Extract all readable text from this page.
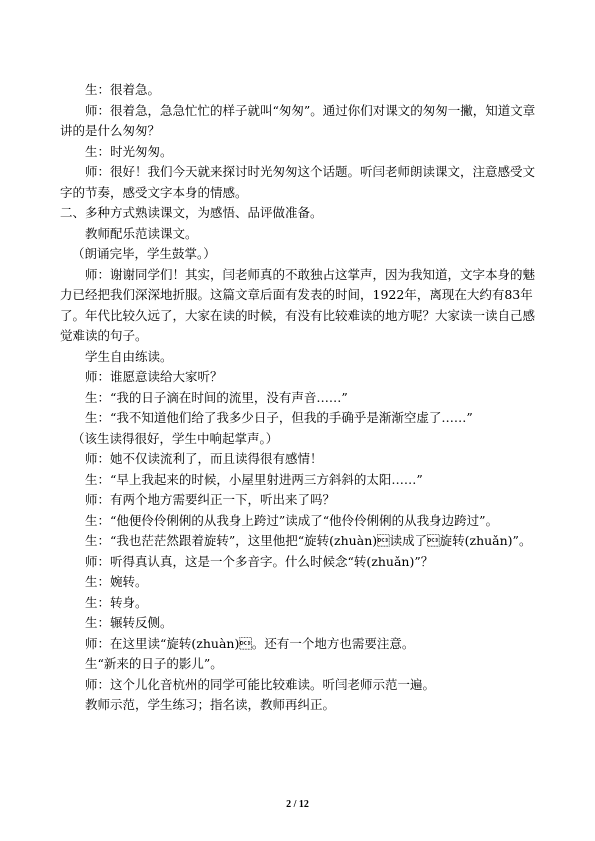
生：很着急。

师：很着急，急急忙忙的样子就叫“匆匆”。通过你们对课文的匆匆一撇，知道文章讲的是什么匆匆？

生：时光匆匆。

师：很好！我们今天就来探讨时光匆匆这个话题。听闫老师朗读课文，注意感受文字的节奏，感受文字本身的情感。

二、多种方式熟读课文，为感悟、品评做准备。

教师配乐范读课文。

（朗诵完毕，学生鼓掌。）

师：谢谢同学们！其实，闫老师真的不敢独占这掌声，因为我知道，文字本身的魅力已经把我们深深地折服。这篇文章后面有发表的时间，1922年，离现在大约有83年了。年代比较久远了，大家在读的时候，有没有比较难读的地方呢？大家读一读自己感觉难读的句子。

学生自由练读。

师：谁愿意读给大家听？

生：“我的日子滴在时间的流里，没有声音……”

生：“我不知道他们给了我多少日子，但我的手确乎是渐渐空虚了……”

（该生读得很好，学生中响起掌声。）

师：她不仅读流利了，而且读得很有感情！

生：“早上我起来的时候，小屋里射进两三方斜斜的太阳……”

师：有两个地方需要纠正一下，听出来了吗？

生：“他便伶伶俐俐的从我身上跨过”读成了“他伶伶俐俐的从我身边跨过”。

生：“我也茫茫然跟着旋转”，这里他把“旋转(zhuàn)读成了旋转(zhuǎn)”。

师：听得真认真，这是一个多音字。什么时候念“转(zhuǎn)”？

生：婉转。

生：转身。

生：辗转反侧。

师：在这里读“旋转(zhuàn)。还有一个地方也需要注意。

生“新来的日子的影儿”。

师：这个儿化音杭州的同学可能比较难读。听闫老师示范一遍。

教师示范，学生练习；指名读，教师再纠正。

2 / 12
